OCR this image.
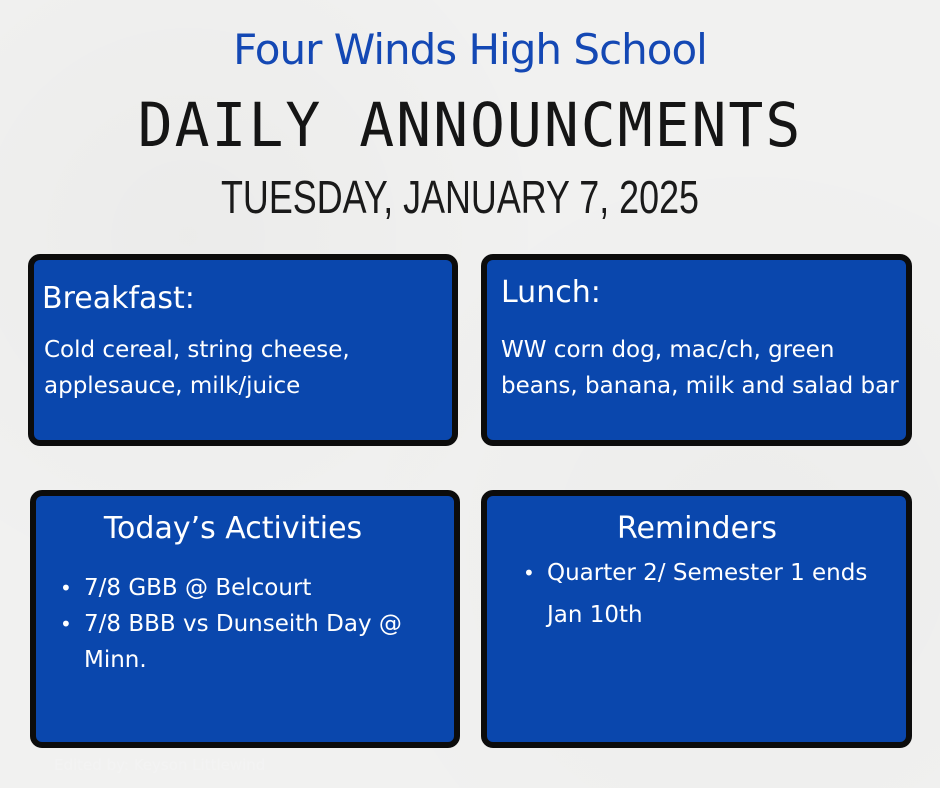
Four Winds High School
DAILY ANNOUNCMENTS
TUESDAY, JANUARY 7, 2025
Breakfast:
Cold cereal, string cheese, applesauce, milk/juice
Lunch:
WW corn dog, mac/ch, green beans, banana, milk and salad bar
Today’s Activities
• 7/8 GBB @ Belcourt
• 7/8 BBB vs Dunseith Day @ Minn.
Reminders
• Quarter 2/ Semester 1 ends Jan 10th
Edited by: Keyson Littlewind
